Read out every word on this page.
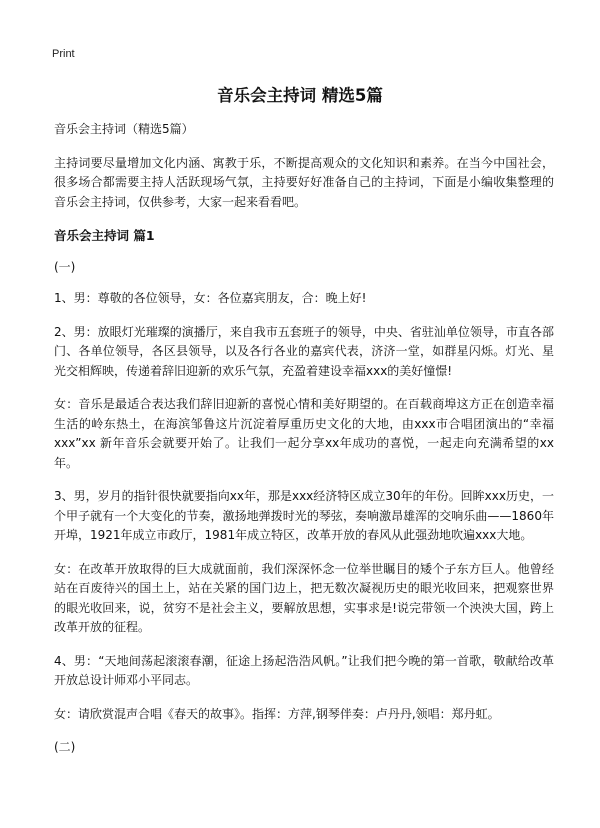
Print
音乐会主持词 精选5篇

音乐会主持词（精选5篇）

主持词要尽量增加文化内涵、寓教于乐，不断提高观众的文化知识和素养。在当今中国社会，很多场合都需要主持人活跃现场气氛，主持要好好准备自己的主持词，下面是小编收集整理的音乐会主持词，仅供参考，大家一起来看看吧。

音乐会主持词 篇1

(一)

1、男：尊敬的各位领导，女：各位嘉宾朋友，合：晚上好!

2、男：放眼灯光璀璨的演播厅，来自我市五套班子的领导，中央、省驻汕单位领导，市直各部门、各单位领导，各区县领导，以及各行各业的嘉宾代表，济济一堂，如群星闪烁。灯光、星光交相辉映，传递着辞旧迎新的欢乐气氛，充盈着建设幸福xxx的美好憧憬!

女：音乐是最适合表达我们辞旧迎新的喜悦心情和美好期望的。在百载商埠这方正在创造幸福生活的岭东热土，在海滨邹鲁这片沉淀着厚重历史文化的大地，由xxx市合唱团演出的“幸福xxx”xx 新年音乐会就要开始了。让我们一起分享xx年成功的喜悦，一起走向充满希望的xx年。

3、男，岁月的指针很快就要指向xx年，那是xxx经济特区成立30年的年份。回眸xxx历史，一个甲子就有一个大变化的节奏，激扬地弹拨时光的琴弦，奏响激昂雄浑的交响乐曲——1860年开埠，1921年成立市政厅，1981年成立特区，改革开放的春风从此强劲地吹遍xxx大地。

女：在改革开放取得的巨大成就面前，我们深深怀念一位举世瞩目的矮个子东方巨人。他曾经站在百废待兴的国土上，站在关紧的国门边上，把无数次凝视历史的眼光收回来，把观察世界的眼光收回来，说，贫穷不是社会主义，要解放思想，实事求是!说完带领一个泱泱大国，跨上改革开放的征程。

4、男：“天地间荡起滚滚春潮，征途上扬起浩浩风帆。”让我们把今晚的第一首歌，敬献给改革开放总设计师邓小平同志。

女：请欣赏混声合唱《春天的故事》。指挥：方萍,钢琴伴奏：卢丹丹,领唱：郑丹虹。

(二)
